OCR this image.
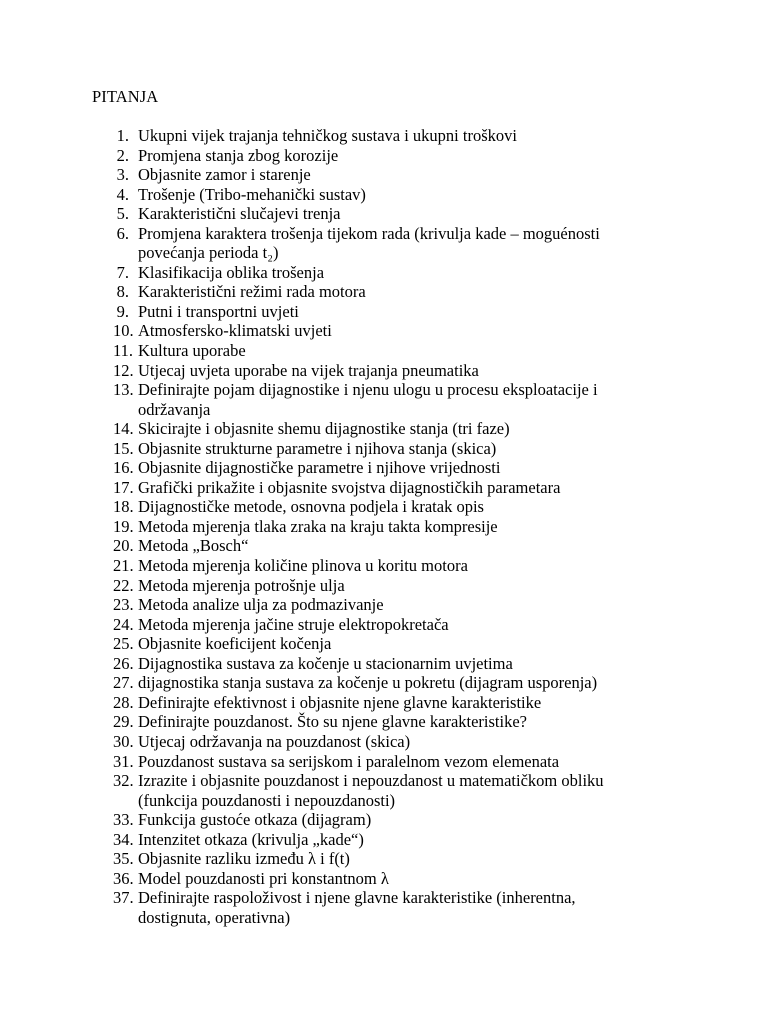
PITANJA
1. Ukupni vijek trajanja tehničkog sustava i ukupni troškovi
2. Promjena stanja zbog korozije
3. Objasnite zamor i starenje
4. Trošenje (Tribo-mehanički sustav)
5. Karakteristični slučajevi trenja
6. Promjena karaktera trošenja tijekom rada (krivulja kade – moguénosti
povećanja perioda t₂)
7. Klasifikacija oblika trošenja
8. Karakteristični režimi rada motora
9. Putni i transportni uvjeti
10. Atmosfersko-klimatski uvjeti
11. Kultura uporabe
12. Utjecaj uvjeta uporabe na vijek trajanja pneumatika
13. Definirajte pojam dijagnostike i njenu ulogu u procesu eksploatacije i
održavanja
14. Skicirajte i objasnite shemu dijagnostike stanja (tri faze)
15. Objasnite strukturne parametre i njihova stanja (skica)
16. Objasnite dijagnostičke parametre i njihove vrijednosti
17. Grafički prikažite i objasnite svojstva dijagnostičkih parametara
18. Dijagnostičke metode, osnovna podjela i kratak opis
19. Metoda mjerenja tlaka zraka na kraju takta kompresije
20. Metoda „Bosch“
21. Metoda mjerenja količine plinova u koritu motora
22. Metoda mjerenja potrošnje ulja
23. Metoda analize ulja za podmazivanje
24. Metoda mjerenja jačine struje elektropokretača
25. Objasnite koeficijent kočenja
26. Dijagnostika sustava za kočenje u stacionarnim uvjetima
27. dijagnostika stanja sustava za kočenje u pokretu (dijagram usporenja)
28. Definirajte efektivnost i objasnite njene glavne karakteristike
29. Definirajte pouzdanost. Što su njene glavne karakteristike?
30. Utjecaj održavanja na pouzdanost (skica)
31. Pouzdanost sustava sa serijskom i paralelnom vezom elemenata
32. Izrazite i objasnite pouzdanost i nepouzdanost u matematičkom obliku
(funkcija pouzdanosti i nepouzdanosti)
33. Funkcija gustoće otkaza (dijagram)
34. Intenzitet otkaza (krivulja „kade“)
35. Objasnite razliku između λ i f(t)
36. Model pouzdanosti pri konstantnom λ
37. Definirajte raspoloživost i njene glavne karakteristike (inherentna,
dostignuta, operativna)
